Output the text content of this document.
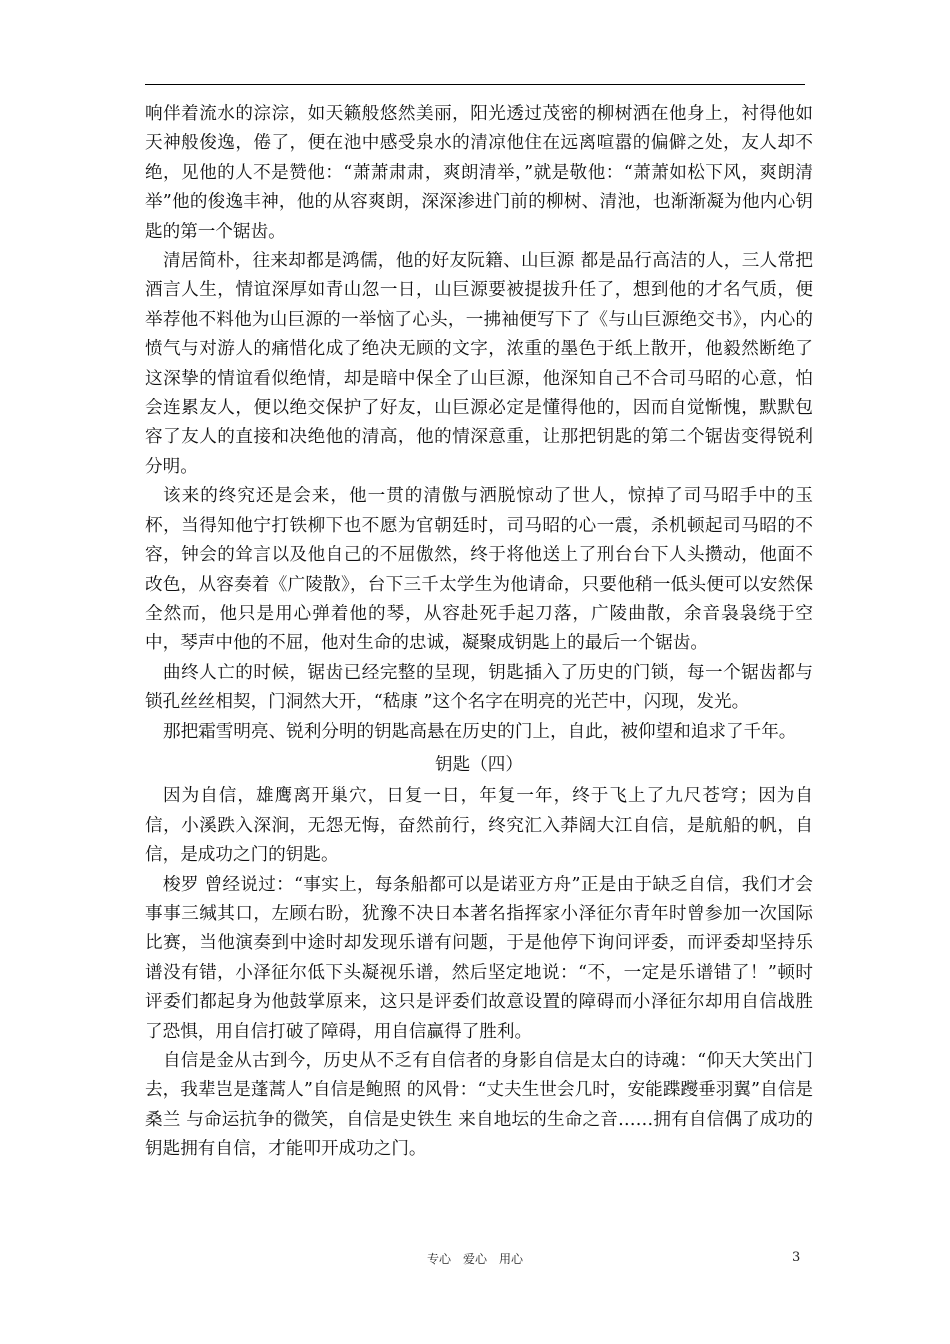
响伴着流水的淙淙，如天籁般悠然美丽，阳光透过茂密的柳树洒在他身上，衬得他如天神般俊逸，倦了，便在池中感受泉水的清凉他住在远离喧嚣的偏僻之处，友人却不绝，见他的人不是赞他：“萧萧肃肃，爽朗清举，”就是敬他：“萧萧如松下风，爽朗清举”他的俊逸丰神，他的从容爽朗，深深渗进门前的柳树、清池，也渐渐凝为他内心钥匙的第一个锯齿。

清居简朴，往来却都是鸿儒，他的好友阮籍、山巨源 都是品行高洁的人，三人常把酒言人生，情谊深厚如青山忽一日，山巨源要被提拔升任了，想到他的才名气质，便举荐他不料他为山巨源的一举恼了心头，一拂袖便写下了《与山巨源绝交书》，内心的愤气与对游人的痛惜化成了绝决无顾的文字，浓重的墨色于纸上散开，他毅然断绝了这深挚的情谊看似绝情，却是暗中保全了山巨源，他深知自己不合司马昭的心意，怕会连累友人，便以绝交保护了好友，山巨源必定是懂得他的，因而自觉惭愧，默默包容了友人的直接和决绝他的清高，他的情深意重，让那把钥匙的第二个锯齿变得锐利分明。

该来的终究还是会来，他一贯的清傲与洒脱惊动了世人，惊掉了司马昭手中的玉杯，当得知他宁打铁柳下也不愿为官朝廷时，司马昭的心一震，杀机顿起司马昭的不容，钟会的耸言以及他自己的不屈傲然，终于将他送上了刑台台下人头攒动，他面不改色，从容奏着《广陵散》，台下三千太学生为他请命，只要他稍一低头便可以安然保全然而，他只是用心弹着他的琴，从容赴死手起刀落，广陵曲散，余音袅袅绕于空中，琴声中他的不屈，他对生命的忠诚，凝聚成钥匙上的最后一个锯齿。

曲终人亡的时候，锯齿已经完整的呈现，钥匙插入了历史的门锁，每一个锯齿都与锁孔丝丝相契，门洞然大开，“嵇康 ”这个名字在明亮的光芒中，闪现，发光。

那把霜雪明亮、锐利分明的钥匙高悬在历史的门上，自此，被仰望和追求了千年。

钥匙（四）

因为自信，雄鹰离开巢穴，日复一日，年复一年，终于飞上了九尺苍穹；因为自信，小溪跌入深涧，无怨无悔，奋然前行，终究汇入莽阔大江自信，是航船的帆，自信，是成功之门的钥匙。

梭罗 曾经说过：“事实上，每条船都可以是诺亚方舟”正是由于缺乏自信，我们才会事事三缄其口，左顾右盼，犹豫不决日本著名指挥家小泽征尔青年时曾参加一次国际比赛，当他演奏到中途时却发现乐谱有问题，于是他停下询问评委，而评委却坚持乐谱没有错，小泽征尔低下头凝视乐谱，然后坚定地说：“不，一定是乐谱错了！”顿时评委们都起身为他鼓掌原来，这只是评委们故意设置的障碍而小泽征尔却用自信战胜了恐惧，用自信打破了障碍，用自信赢得了胜利。

自信是金从古到今，历史从不乏有自信者的身影自信是太白的诗魂：“仰天大笑出门去，我辈岂是蓬蒿人”自信是鲍照 的风骨：“丈夫生世会几时，安能蹀躞垂羽翼”自信是桑兰 与命运抗争的微笑，自信是史铁生 来自地坛的生命之音……拥有自信偶了成功的钥匙拥有自信，才能叩开成功之门。

专心　爱心　用心	3
